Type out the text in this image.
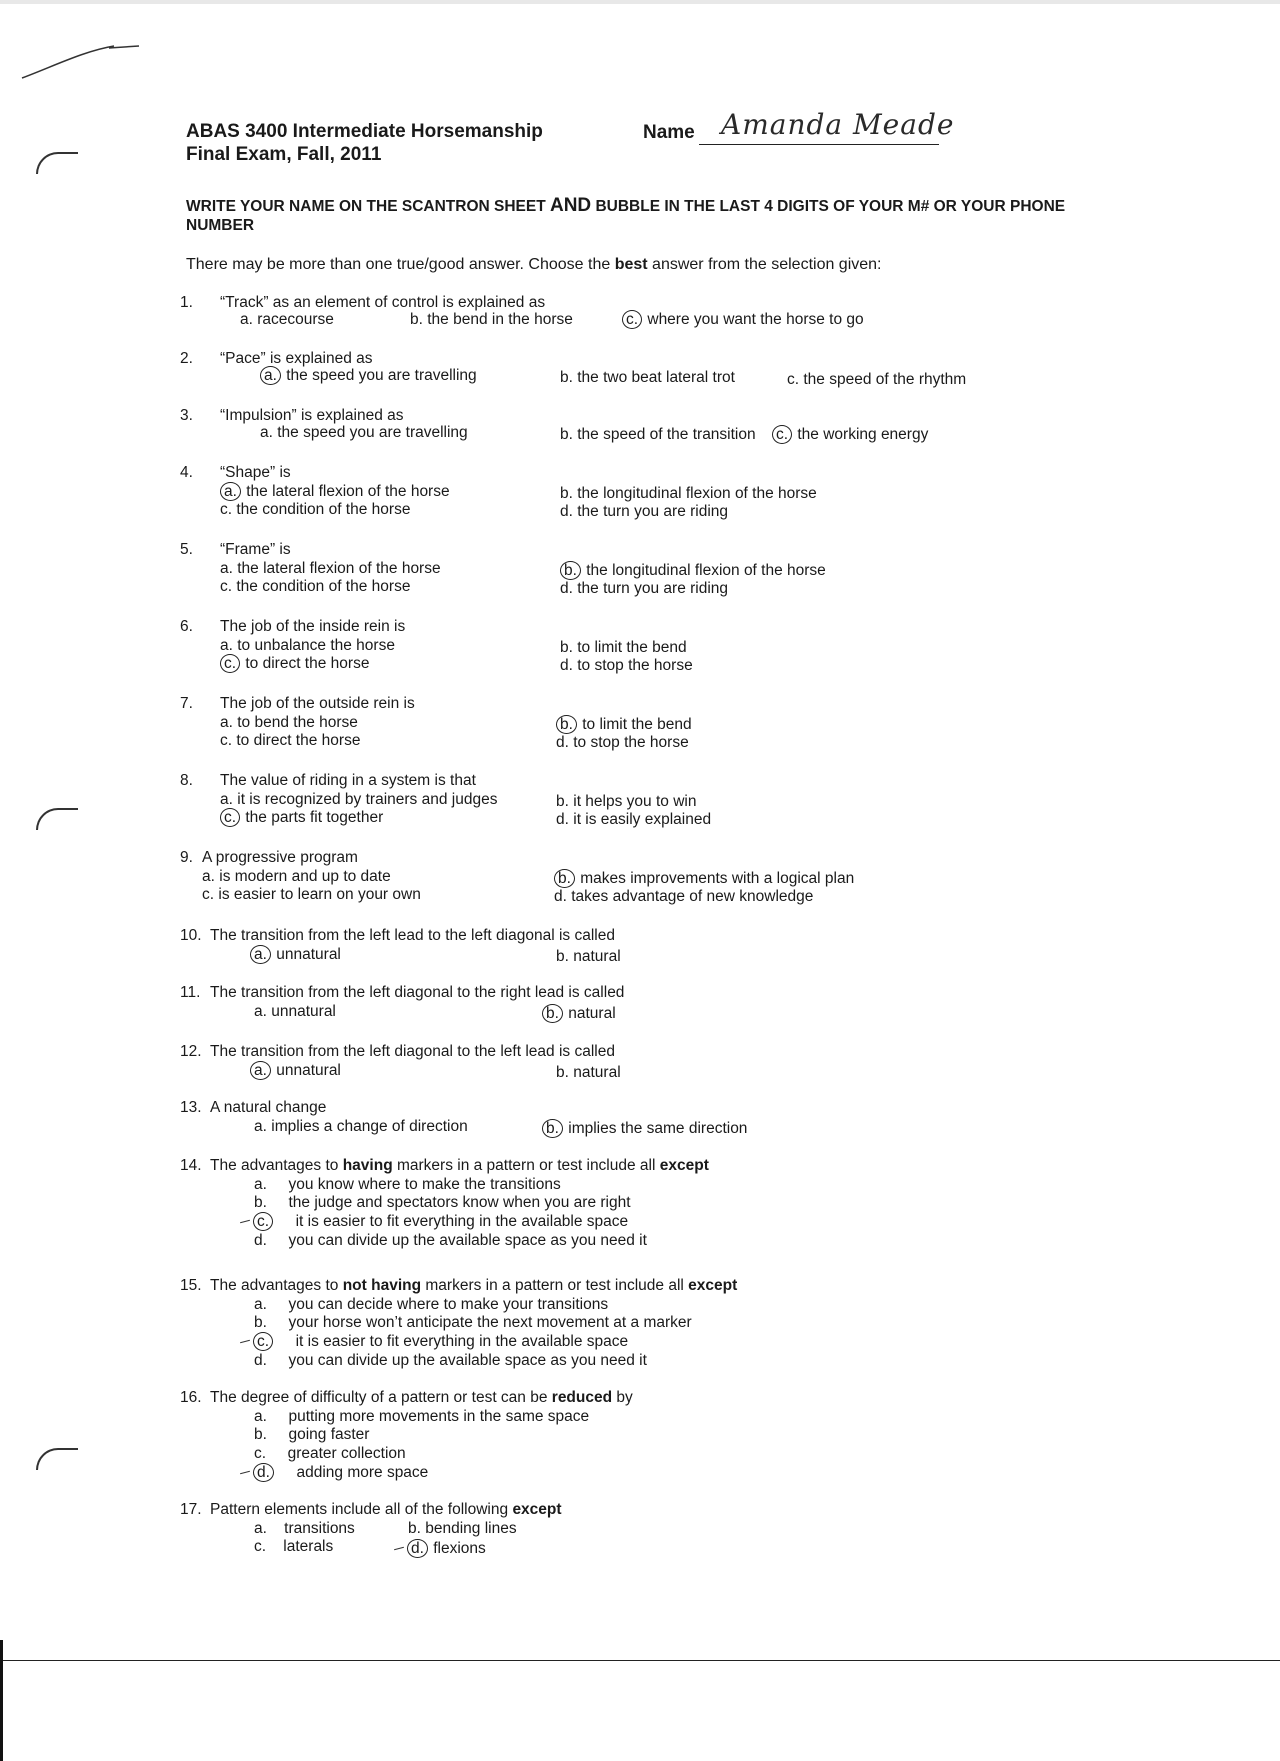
ABAS 3400 Intermediate Horsemanship
Final Exam, Fall, 2011
Name Amanda Meade
WRITE YOUR NAME ON THE SCANTRON SHEET AND BUBBLE IN THE LAST 4 DIGITS OF YOUR M# OR YOUR PHONE NUMBER
There may be more than one true/good answer. Choose the best answer from the selection given:
1. “Track” as an element of control is explained as
a. racecourse	b. the bend in the horse	c. where you want the horse to go
2. “Pace” is explained as
a. the speed you are travelling	b. the two beat lateral trot	c. the speed of the rhythm
3. “Impulsion” is explained as
a. the speed you are travelling	b. the speed of the transition c. the working energy
4. “Shape” is
a. the lateral flexion of the horse	b. the longitudinal flexion of the horse
c. the condition of the horse	d. the turn you are riding
5. “Frame” is
a. the lateral flexion of the horse	b. the longitudinal flexion of the horse
c. the condition of the horse	d. the turn you are riding
6. The job of the inside rein is
a. to unbalance the horse	b. to limit the bend
c. to direct the horse	d. to stop the horse
7. The job of the outside rein is
a. to bend the horse	b. to limit the bend
c. to direct the horse	d. to stop the horse
8. The value of riding in a system is that
a. it is recognized by trainers and judges	b. it helps you to win
c. the parts fit together	d. it is easily explained
9. A progressive program
a. is modern and up to date	b. makes improvements with a logical plan
c. is easier to learn on your own	d. takes advantage of new knowledge
10. The transition from the left lead to the left diagonal is called
a. unnatural	b. natural
11. The transition from the left diagonal to the right lead is called
a. unnatural	b. natural
12. The transition from the left diagonal to the left lead is called
a. unnatural	b. natural
13. A natural change
a. implies a change of direction	b. implies the same direction
14. The advantages to having markers in a pattern or test include all except
a.     you know where to make the transitions
b.     the judge and spectators know when you are right
c.     it is easier to fit everything in the available space
d.     you can divide up the available space as you need it
15. The advantages to not having markers in a pattern or test include all except
a.     you can decide where to make your transitions
b.     your horse won’t anticipate the next movement at a marker
c.     it is easier to fit everything in the available space
d.     you can divide up the available space as you need it
16. The degree of difficulty of a pattern or test can be reduced by
a.     putting more movements in the same space
b.     going faster
c.     greater collection
d.     adding more space
17. Pattern elements include all of the following except
a.    transitions	b. bending lines
c.    laterals	d. flexions
